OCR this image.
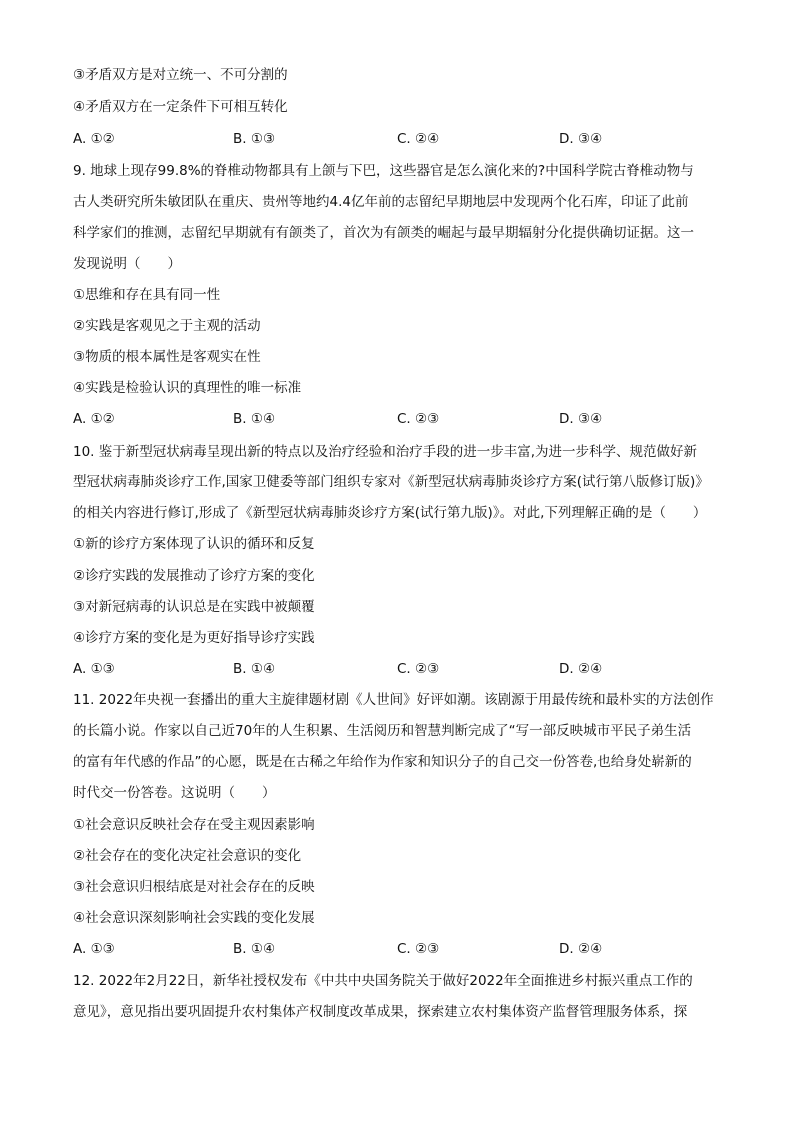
③矛盾双方是对立统一、不可分割的
④矛盾双方在一定条件下可相互转化
A. ①②	B. ①③	C. ②④	D. ③④
9. 地球上现存99.8%的脊椎动物都具有上颌与下巴，这些器官是怎么演化来的?中国科学院古脊椎动物与
古人类研究所朱敏团队在重庆、贵州等地约4.4亿年前的志留纪早期地层中发现两个化石库，印证了此前
科学家们的推测，志留纪早期就有有颌类了，首次为有颌类的崛起与最早期辐射分化提供确切证据。这一
发现说明（　　）
①思维和存在具有同一性
②实践是客观见之于主观的活动
③物质的根本属性是客观实在性
④实践是检验认识的真理性的唯一标准
A. ①②	B. ①④	C. ②③	D. ③④
10. 鉴于新型冠状病毒呈现出新的特点以及治疗经验和治疗手段的进一步丰富,为进一步科学、规范做好新
型冠状病毒肺炎诊疗工作,国家卫健委等部门组织专家对《新型冠状病毒肺炎诊疗方案(试行第八版修订版)》
的相关内容进行修订,形成了《新型冠状病毒肺炎诊疗方案(试行第九版)》。对此,下列理解正确的是（　　）
①新的诊疗方案体现了认识的循环和反复
②诊疗实践的发展推动了诊疗方案的变化
③对新冠病毒的认识总是在实践中被颠覆
④诊疗方案的变化是为更好指导诊疗实践
A. ①③	B. ①④	C. ②③	D. ②④
11. 2022年央视一套播出的重大主旋律题材剧《人世间》好评如潮。该剧源于用最传统和最朴实的方法创作
的长篇小说。作家以自己近70年的人生积累、生活阅历和智慧判断完成了“写一部反映城市平民子弟生活
的富有年代感的作品”的心愿，既是在古稀之年给作为作家和知识分子的自己交一份答卷,也给身处崭新的
时代交一份答卷。这说明（　　）
①社会意识反映社会存在受主观因素影响
②社会存在的变化决定社会意识的变化
③社会意识归根结底是对社会存在的反映
④社会意识深刻影响社会实践的变化发展
A. ①③	B. ①④	C. ②③	D. ②④
12. 2022年2月22日，新华社授权发布《中共中央国务院关于做好2022年全面推进乡村振兴重点工作的
意见》，意见指出要巩固提升农村集体产权制度改革成果，探索建立农村集体资产监督管理服务体系，探
